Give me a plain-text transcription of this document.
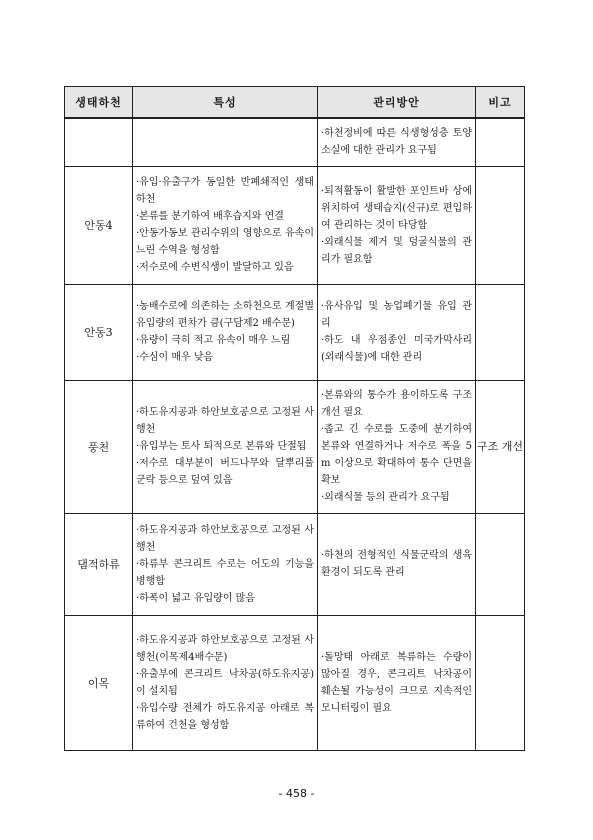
생태하천	특성	관리방안	비고

		·하천정비에 따른 식생형성층 토양 소실에 대한 관리가 요구됨	

안동4	·유입·유출구가 동일한 반폐쇄적인 생태하천
·본류를 분기하여 배후습지와 연결
·안동가동보 관리수위의 영향으로 유속이 느린 수역을 형성함
·저수로에 수변식생이 발달하고 있음	·퇴적활동이 활발한 포인트바 상에 위치하여 생태습지(신규)로 편입하여 관리하는 것이 타당함
·외래식물 제거 및 덩굴식물의 관리가 필요함	

안동3	·농배수로에 의존하는 소하천으로 계절별 유입량의 편차가 큼(구담제2 배수문)
·유량이 극히 적고 유속이 매우 느림
·수심이 매우 낮음	·유사유입 및 농업폐기물 유입 관리
·하도 내 우점종인 미국가막사리(외래식물)에 대한 관리	

풍천	·하도유지공과 하안보호공으로 고정된 사행천
·유입부는 토사 퇴적으로 본류와 단절됨
·저수로 대부분이 버드나무와 달뿌리풀 군락 등으로 덮여 있음	·본류와의 통수가 용이하도록 구조개선 필요
·좁고 긴 수로를 도중에 분기하여 본류와 연결하거나 저수로 폭을 5m 이상으로 확대하여 통수 단면을 확보
·외래식물 등의 관리가 요구됨	구조 개선
댐적하류	·하도유지공과 하안보호공으로 고정된 사행천
·하류부 콘크리트 수로는 어도의 기능을 병행함
·하폭이 넓고 유입량이 많음	·하천의 전형적인 식물군락의 생육환경이 되도록 관리	

이목	·하도유지공과 하안보호공으로 고정된 사행천(이목제4배수문)
·유출부에 콘크리트 낙차공(하도유지공)이 설치됨
·유입수량 전체가 하도유지공 아래로 복류하여 건천을 형성함	·돌망태 아래로 복류하는 수량이 많아질 경우, 콘크리트 낙차공이 훼손될 가능성이 크므로 지속적인 모니터링이 필요	

- 458 -
